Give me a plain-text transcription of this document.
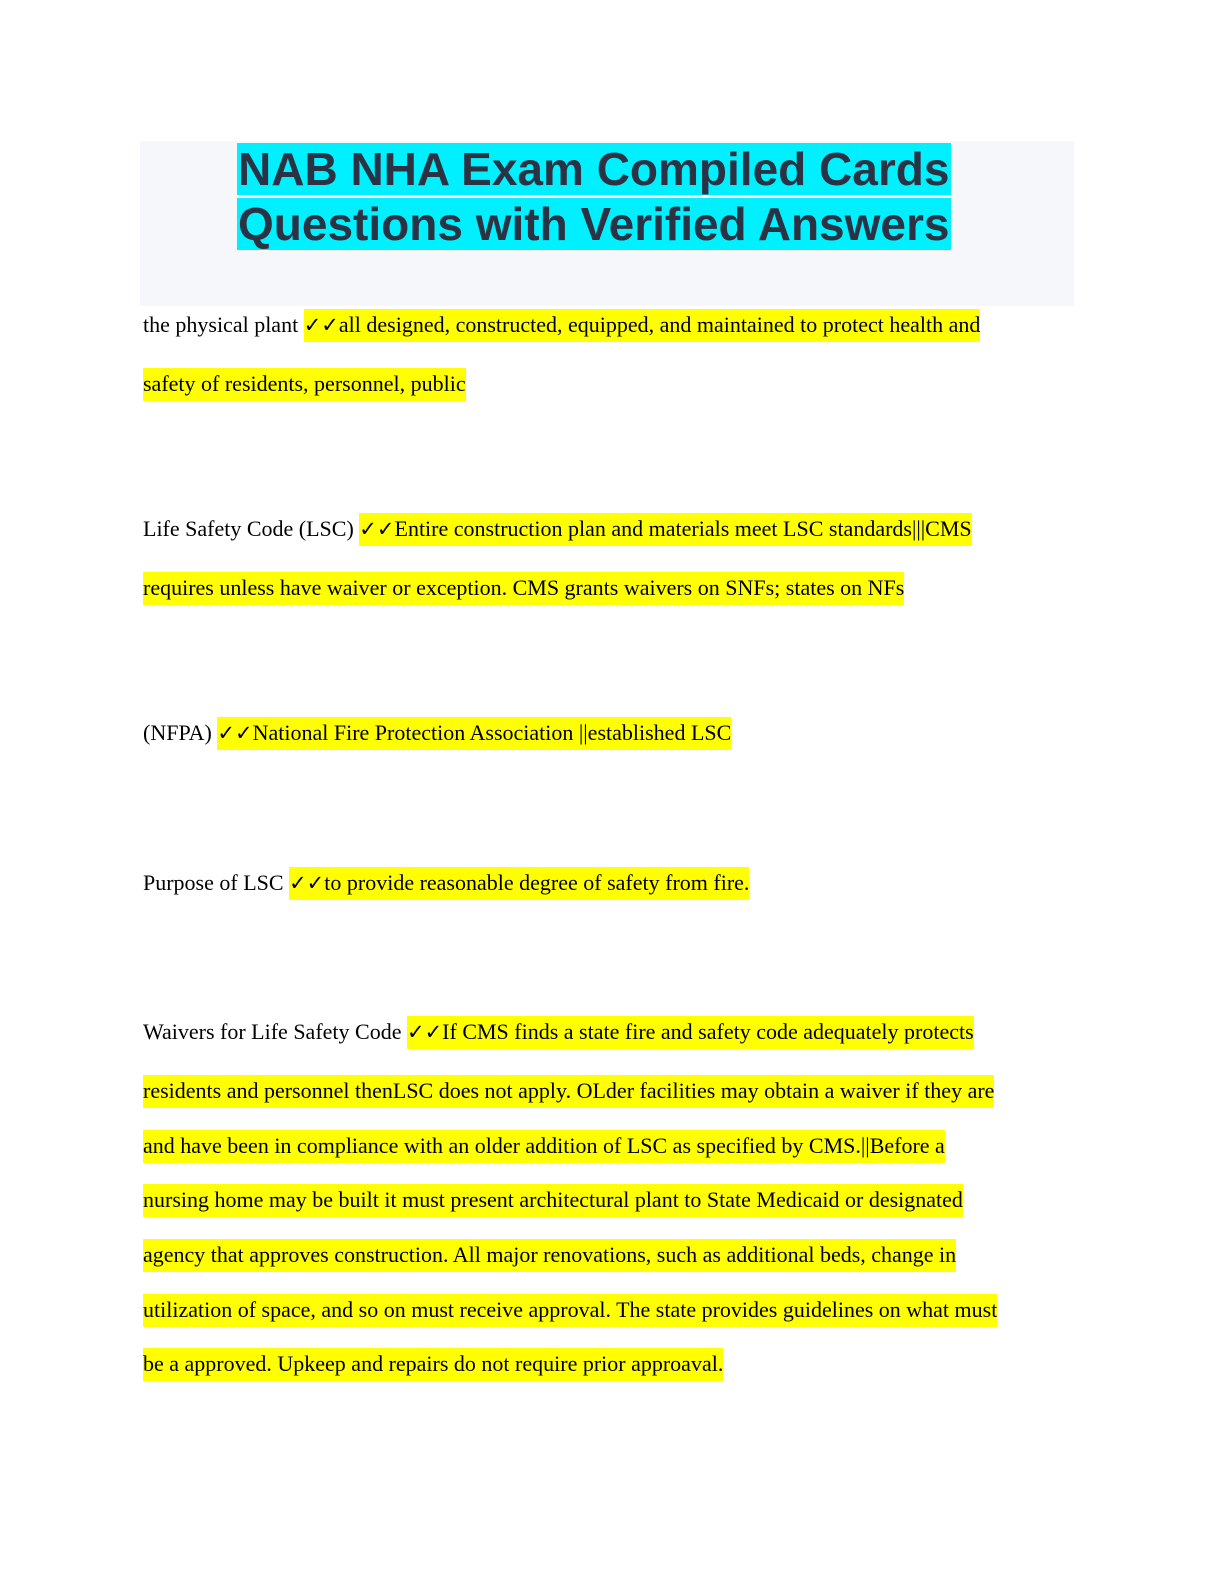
NAB NHA Exam Compiled Cards
Questions with Verified Answers
the physical plant ✓✓all designed, constructed, equipped, and maintained to protect health and
safety of residents, personnel, public
Life Safety Code (LSC) ✓✓Entire construction plan and materials meet LSC standards|||CMS
requires unless have waiver or exception. CMS grants waivers on SNFs; states on NFs
(NFPA) ✓✓National Fire Protection Association ||established LSC
Purpose of LSC ✓✓to provide reasonable degree of safety from fire.
Waivers for Life Safety Code ✓✓If CMS finds a state fire and safety code adequately protects
residents and personnel thenLSC does not apply. OLder facilities may obtain a waiver if they are
and have been in compliance with an older addition of LSC as specified by CMS.||Before a
nursing home may be built it must present architectural plant to State Medicaid or designated
agency that approves construction. All major renovations, such as additional beds, change in
utilization of space, and so on must receive approval. The state provides guidelines on what must
be a approved. Upkeep and repairs do not require prior approaval.
